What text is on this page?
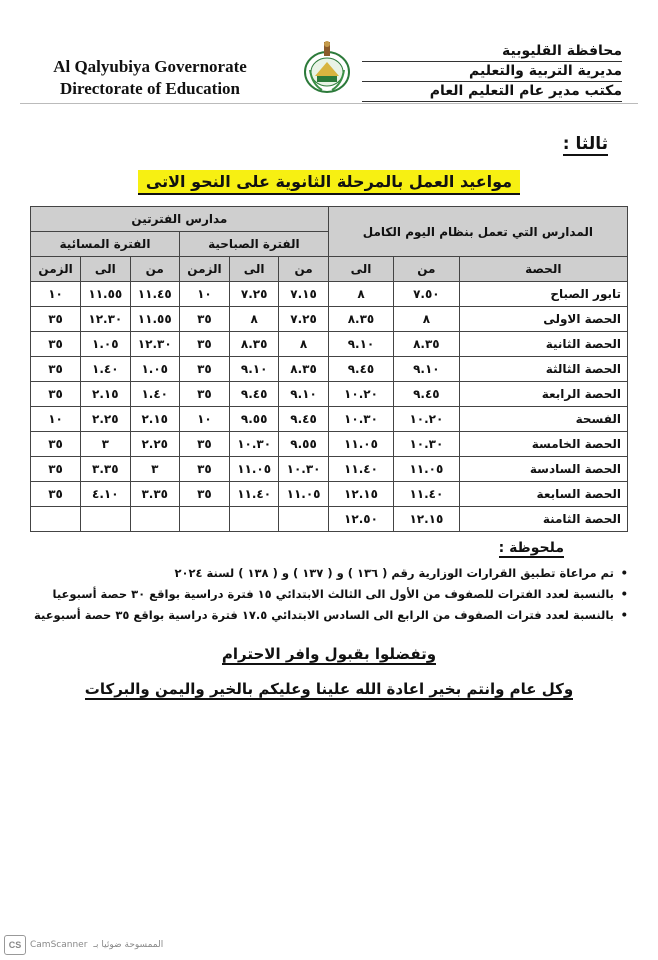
Al Qalyubiya Governorate
Directorate of Education
محافظة القليوبية
مديرية التربية والتعليم
مكتب مدير عام التعليم العام
ثالثا :
مواعيد العمل بالمرحلة الثانوية على النحو الاتى
المدارس التي تعمل بنظام اليوم الكامل			مدارس الفترتين					
			الفترة الصباحية			الفترة المسائية		
الحصة	من	الى	من	الى	الزمن	من	الى	الزمن
تابور الصباح	٧.٥٠	٨	٧.١٥	٧.٢٥	١٠	١١.٤٥	١١.٥٥	١٠
الحصة الاولى	٨	٨.٣٥	٧.٢٥	٨	٣٥	١١.٥٥	١٢.٣٠	٣٥
الحصة الثانية	٨.٣٥	٩.١٠	٨	٨.٣٥	٣٥	١٢.٣٠	١.٠٥	٣٥
الحصة الثالثة	٩.١٠	٩.٤٥	٨.٣٥	٩.١٠	٣٥	١.٠٥	١.٤٠	٣٥
الحصة الرابعة	٩.٤٥	١٠.٢٠	٩.١٠	٩.٤٥	٣٥	١.٤٠	٢.١٥	٣٥
الفسحة	١٠.٢٠	١٠.٣٠	٩.٤٥	٩.٥٥	١٠	٢.١٥	٢.٢٥	١٠
الحصة الخامسة	١٠.٣٠	١١.٠٥	٩.٥٥	١٠.٣٠	٣٥	٢.٢٥	٣	٣٥
الحصة السادسة	١١.٠٥	١١.٤٠	١٠.٣٠	١١.٠٥	٣٥	٣	٣.٣٥	٣٥
الحصة السابعة	١١.٤٠	١٢.١٥	١١.٠٥	١١.٤٠	٣٥	٣.٣٥	٤.١٠	٣٥
الحصة الثامنة	١٢.١٥	١٢.٥٠						
ملحوظة :
• تم مراعاة تطبيق القرارات الوزارية رقم ( ١٣٦ ) و ( ١٣٧ ) و ( ١٣٨ ) لسنة ٢٠٢٤
• بالنسبة لعدد الفترات للصفوف من الأول الى الثالث الابتدائي ١٥ فترة دراسية بواقع ٣٠ حصة أسبوعيا
• بالنسبة لعدد فترات الصفوف من الرابع الى السادس الابتدائي ١٧.٥ فترة دراسية بواقع ٣٥ حصة أسبوعية
وتفضلوا بقبول وافر الاحترام
وكل عام وانتم بخير اعادة الله علينا وعليكم بالخير واليمن والبركات
CS CamScanner الممسوحة ضوئيا بـ
